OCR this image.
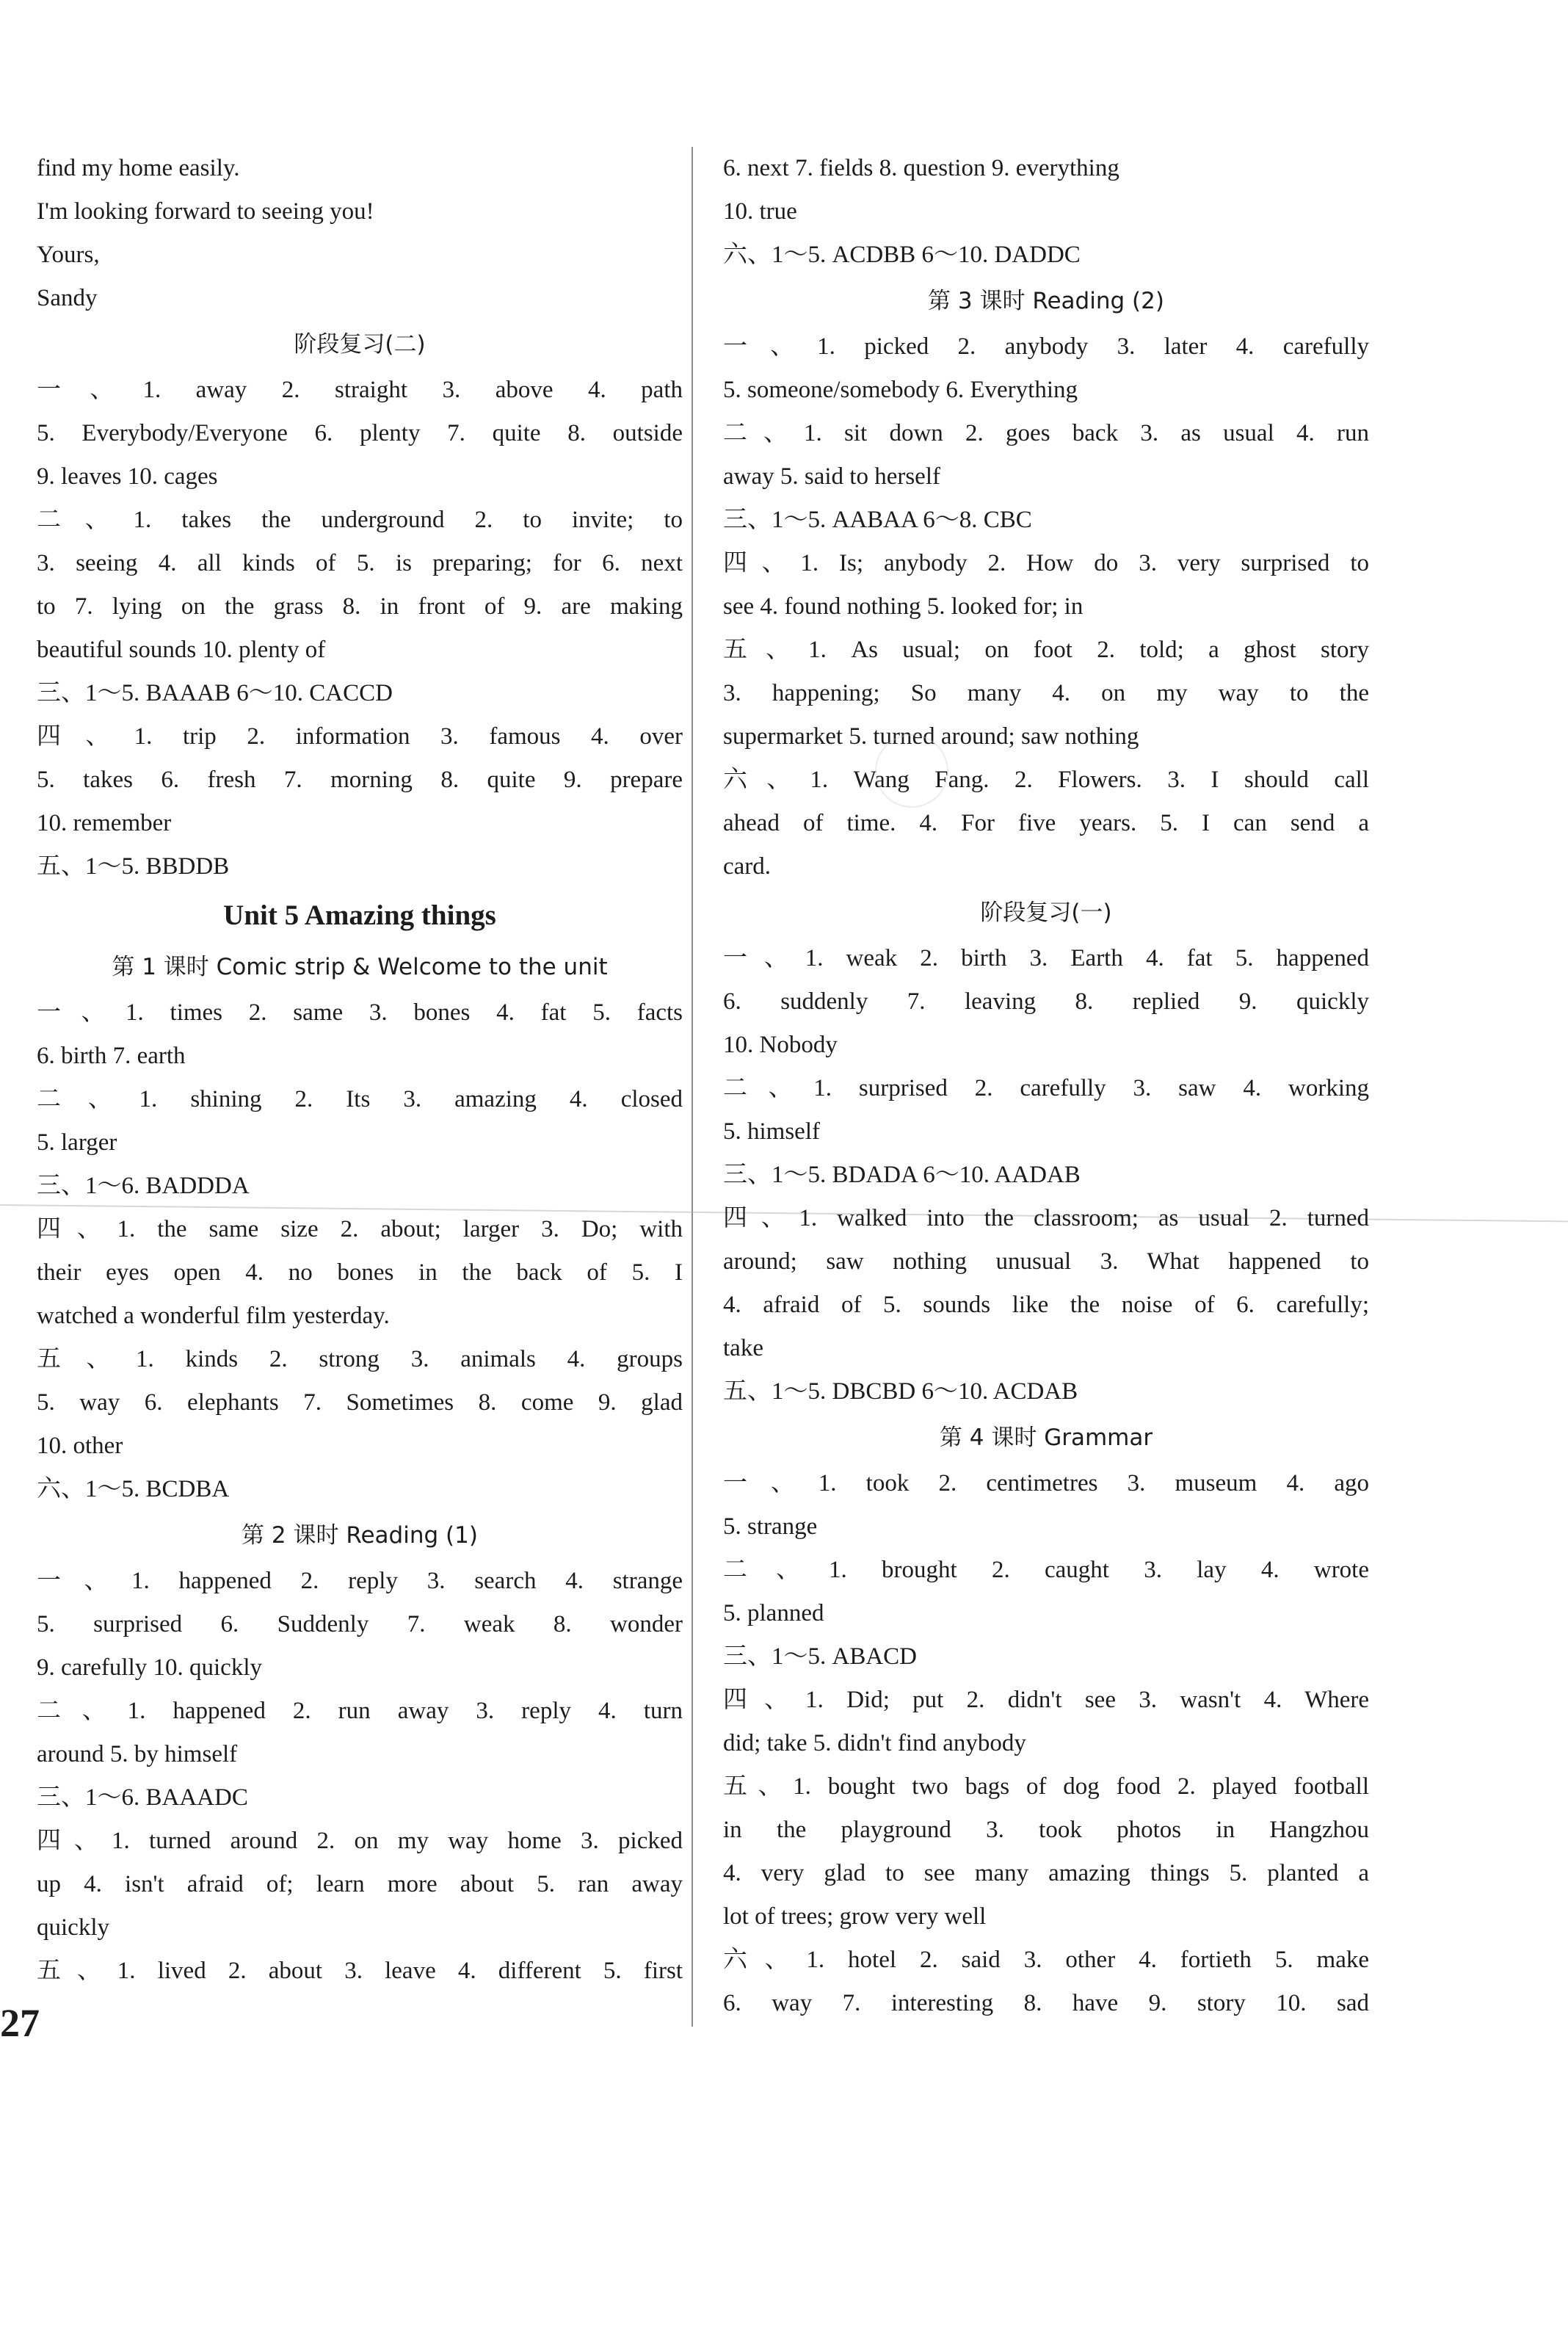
find my home easily.
I'm looking forward to seeing you!
Yours,
Sandy
阶段复习(二)
一、1. away 2. straight 3. above 4. path
5. Everybody/Everyone 6. plenty 7. quite 8. outside
9. leaves 10. cages
二、1. takes the underground 2. to invite; to
3. seeing 4. all kinds of 5. is preparing; for 6. next
to 7. lying on the grass 8. in front of 9. are making
beautiful sounds 10. plenty of
三、1～5. BAAAB 6～10. CACCD
四、1. trip 2. information 3. famous 4. over
5. takes 6. fresh 7. morning 8. quite 9. prepare
10. remember
五、1～5. BBDDB
Unit 5 Amazing things
第 1 课时 Comic strip & Welcome to the unit
一、1. times 2. same 3. bones 4. fat 5. facts
6. birth 7. earth
二、1. shining 2. Its 3. amazing 4. closed
5. larger
三、1～6. BADDDA
四、1. the same size 2. about; larger 3. Do; with
their eyes open 4. no bones in the back of 5. I
watched a wonderful film yesterday.
五、1. kinds 2. strong 3. animals 4. groups
5. way 6. elephants 7. Sometimes 8. come 9. glad
10. other
六、1～5. BCDBA
第 2 课时 Reading (1)
一、1. happened 2. reply 3. search 4. strange
5. surprised 6. Suddenly 7. weak 8. wonder
9. carefully 10. quickly
二、1. happened 2. run away 3. reply 4. turn
around 5. by himself
三、1～6. BAAADC
四、1. turned around 2. on my way home 3. picked
up 4. isn't afraid of; learn more about 5. ran away
quickly
五、1. lived 2. about 3. leave 4. different 5. first
6. next 7. fields 8. question 9. everything
10. true
六、1～5. ACDBB 6～10. DADDC
第 3 课时 Reading (2)
一、1. picked 2. anybody 3. later 4. carefully
5. someone/somebody 6. Everything
二、1. sit down 2. goes back 3. as usual 4. run
away 5. said to herself
三、1～5. AABAA 6～8. CBC
四、1. Is; anybody 2. How do 3. very surprised to
see 4. found nothing 5. looked for; in
五、1. As usual; on foot 2. told; a ghost story
3. happening; So many 4. on my way to the
supermarket 5. turned around; saw nothing
六、1. Wang Fang. 2. Flowers. 3. I should call
ahead of time. 4. For five years. 5. I can send a
card.
阶段复习(一)
一、1. weak 2. birth 3. Earth 4. fat 5. happened
6. suddenly 7. leaving 8. replied 9. quickly
10. Nobody
二、1. surprised 2. carefully 3. saw 4. working
5. himself
三、1～5. BDADA 6～10. AADAB
四、1. walked into the classroom; as usual 2. turned
around; saw nothing unusual 3. What happened to
4. afraid of 5. sounds like the noise of 6. carefully;
take
五、1～5. DBCBD 6～10. ACDAB
第 4 课时 Grammar
一、1. took 2. centimetres 3. museum 4. ago
5. strange
二、1. brought 2. caught 3. lay 4. wrote
5. planned
三、1～5. ABACD
四、1. Did; put 2. didn't see 3. wasn't 4. Where
did; take 5. didn't find anybody
五、1. bought two bags of dog food 2. played football
in the playground 3. took photos in Hangzhou
4. very glad to see many amazing things 5. planted a
lot of trees; grow very well
六、1. hotel 2. said 3. other 4. fortieth 5. make
6. way 7. interesting 8. have 9. story 10. sad
27
